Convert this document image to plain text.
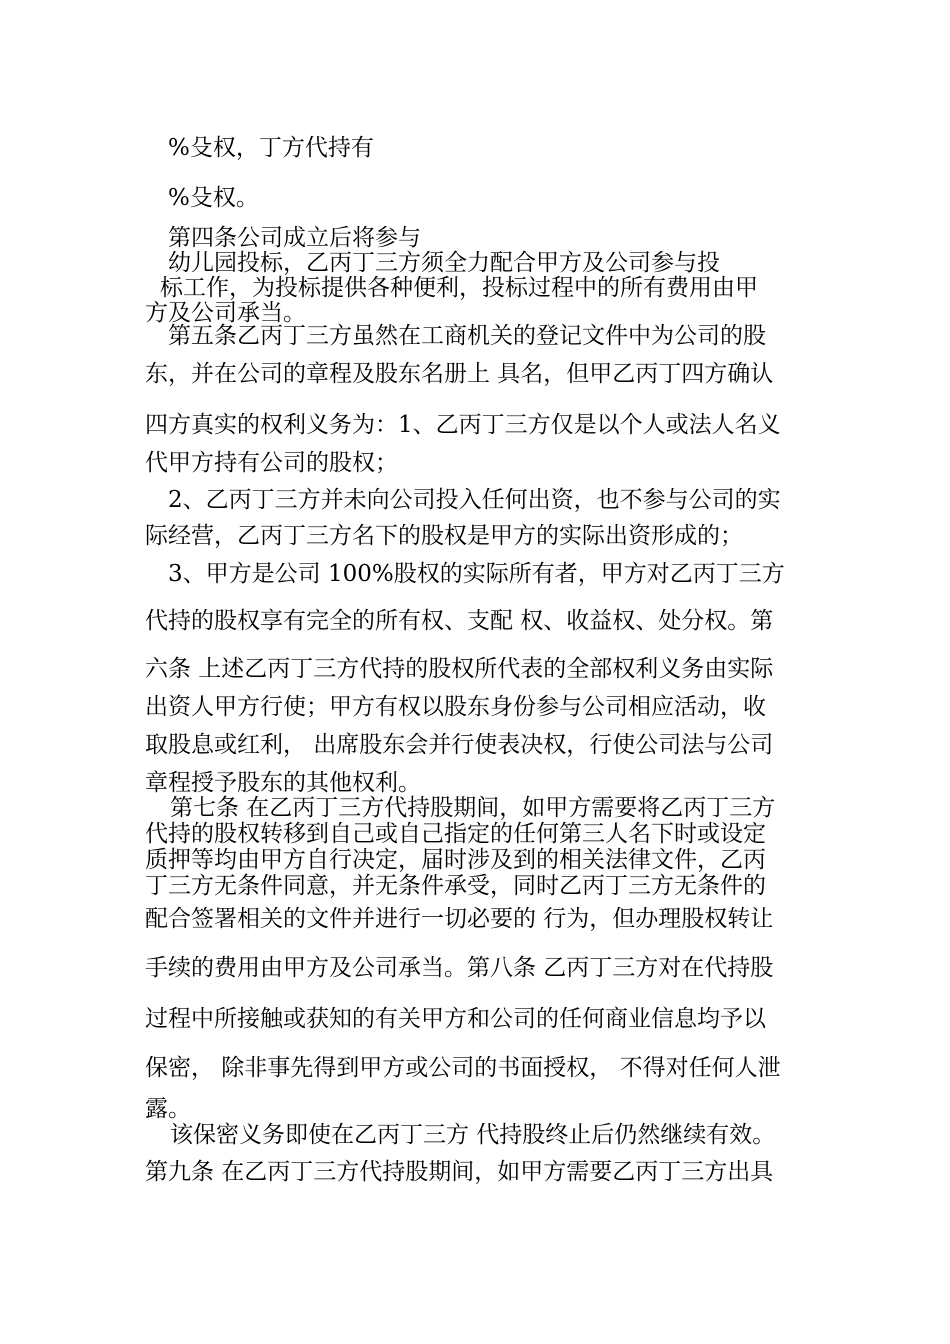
%殳权，丁方代持有

%殳权。

第四条公司成立后将参与

幼儿园投标，乙丙丁三方须全力配合甲方及公司参与投

标工作，为投标提供各种便利，投标过程中的所有费用由甲

方及公司承当。

第五条乙丙丁三方虽然在工商机关的登记文件中为公司的股

东，并在公司的章程及股东名册上 具名，但甲乙丙丁四方确认

四方真实的权利义务为：1、乙丙丁三方仅是以个人或法人名义

代甲方持有公司的股权；

2、乙丙丁三方并未向公司投入任何出资，也不参与公司的实

际经营，乙丙丁三方名下的股权是甲方的实际出资形成的；

3、甲方是公司 100%股权的实际所有者，甲方对乙丙丁三方

代持的股权享有完全的所有权、支配 权、收益权、处分权。第

六条 上述乙丙丁三方代持的股权所代表的全部权利义务由实际

出资人甲方行使；甲方有权以股东身份参与公司相应活动，收

取股息或红利， 出席股东会并行使表决权，行使公司法与公司

章程授予股东的其他权利。

第七条 在乙丙丁三方代持股期间，如甲方需要将乙丙丁三方

代持的股权转移到自己或自己指定的任何第三人名下时或设定

质押等均由甲方自行决定，届时涉及到的相关法律文件，乙丙

丁三方无条件同意，并无条件承受，同时乙丙丁三方无条件的

配合签署相关的文件并进行一切必要的 行为，但办理股权转让

手续的费用由甲方及公司承当。第八条 乙丙丁三方对在代持股

过程中所接触或获知的有关甲方和公司的任何商业信息均予以

保密， 除非事先得到甲方或公司的书面授权， 不得对任何人泄

露。

该保密义务即使在乙丙丁三方 代持股终止后仍然继续有效。

第九条 在乙丙丁三方代持股期间，如甲方需要乙丙丁三方出具
